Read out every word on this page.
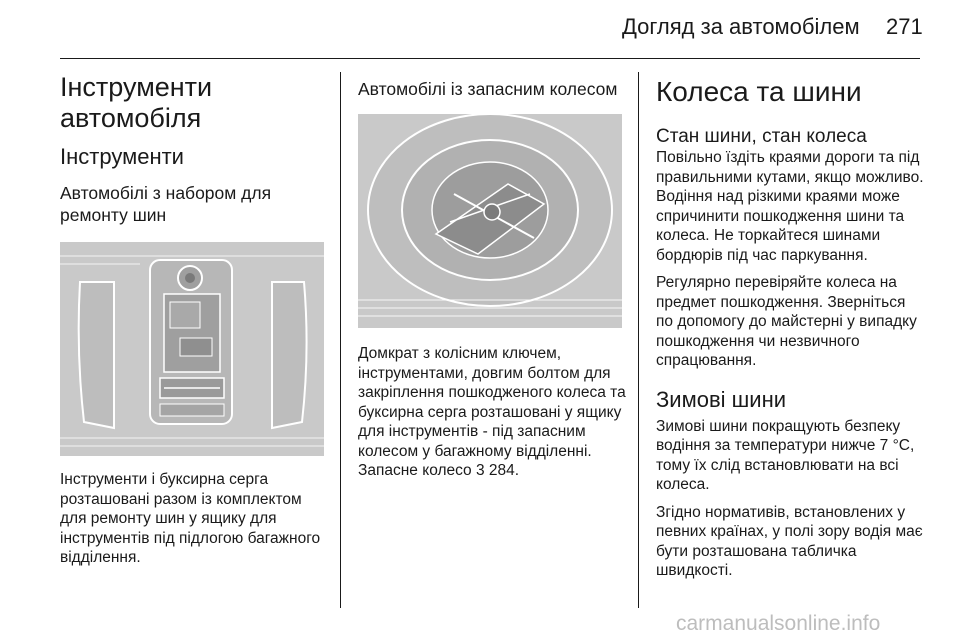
Догляд за автомобілем 271
Інструменти автомобіля
Інструменти
Автомобілі з набором для ремонту шин

Інструменти і буксирна серга розташовані разом із комплектом для ремонту шин у ящику для інструментів під підлогою багажного відділення.

Автомобілі із запасним колесом

Домкрат з колісним ключем, інструментами, довгим болтом для закріплення пошкодженого колеса та буксирна серга розташовані у ящику для інструментів - під запасним колесом у багажному відділенні. Запасне колесо 3 284.

Колеса та шини
Стан шини, стан колеса

Повільно їздіть краями дороги та під правильними кутами, якщо можливо. Водіння над різкими краями може спричинити пошкодження шини та колеса. Не торкайтеся шинами бордюрів під час паркування.

Регулярно перевіряйте колеса на предмет пошкодження. Зверніться по допомогу до майстерні у випадку пошкодження чи незвичного спрацювання.

Зимові шини

Зимові шини покращують безпеку водіння за температури нижче 7 °C, тому їх слід встановлювати на всі колеса.

Згідно нормативів, встановлених у певних країнах, у полі зору водія має бути розташована табличка швидкості.

carmanualsonline.info
